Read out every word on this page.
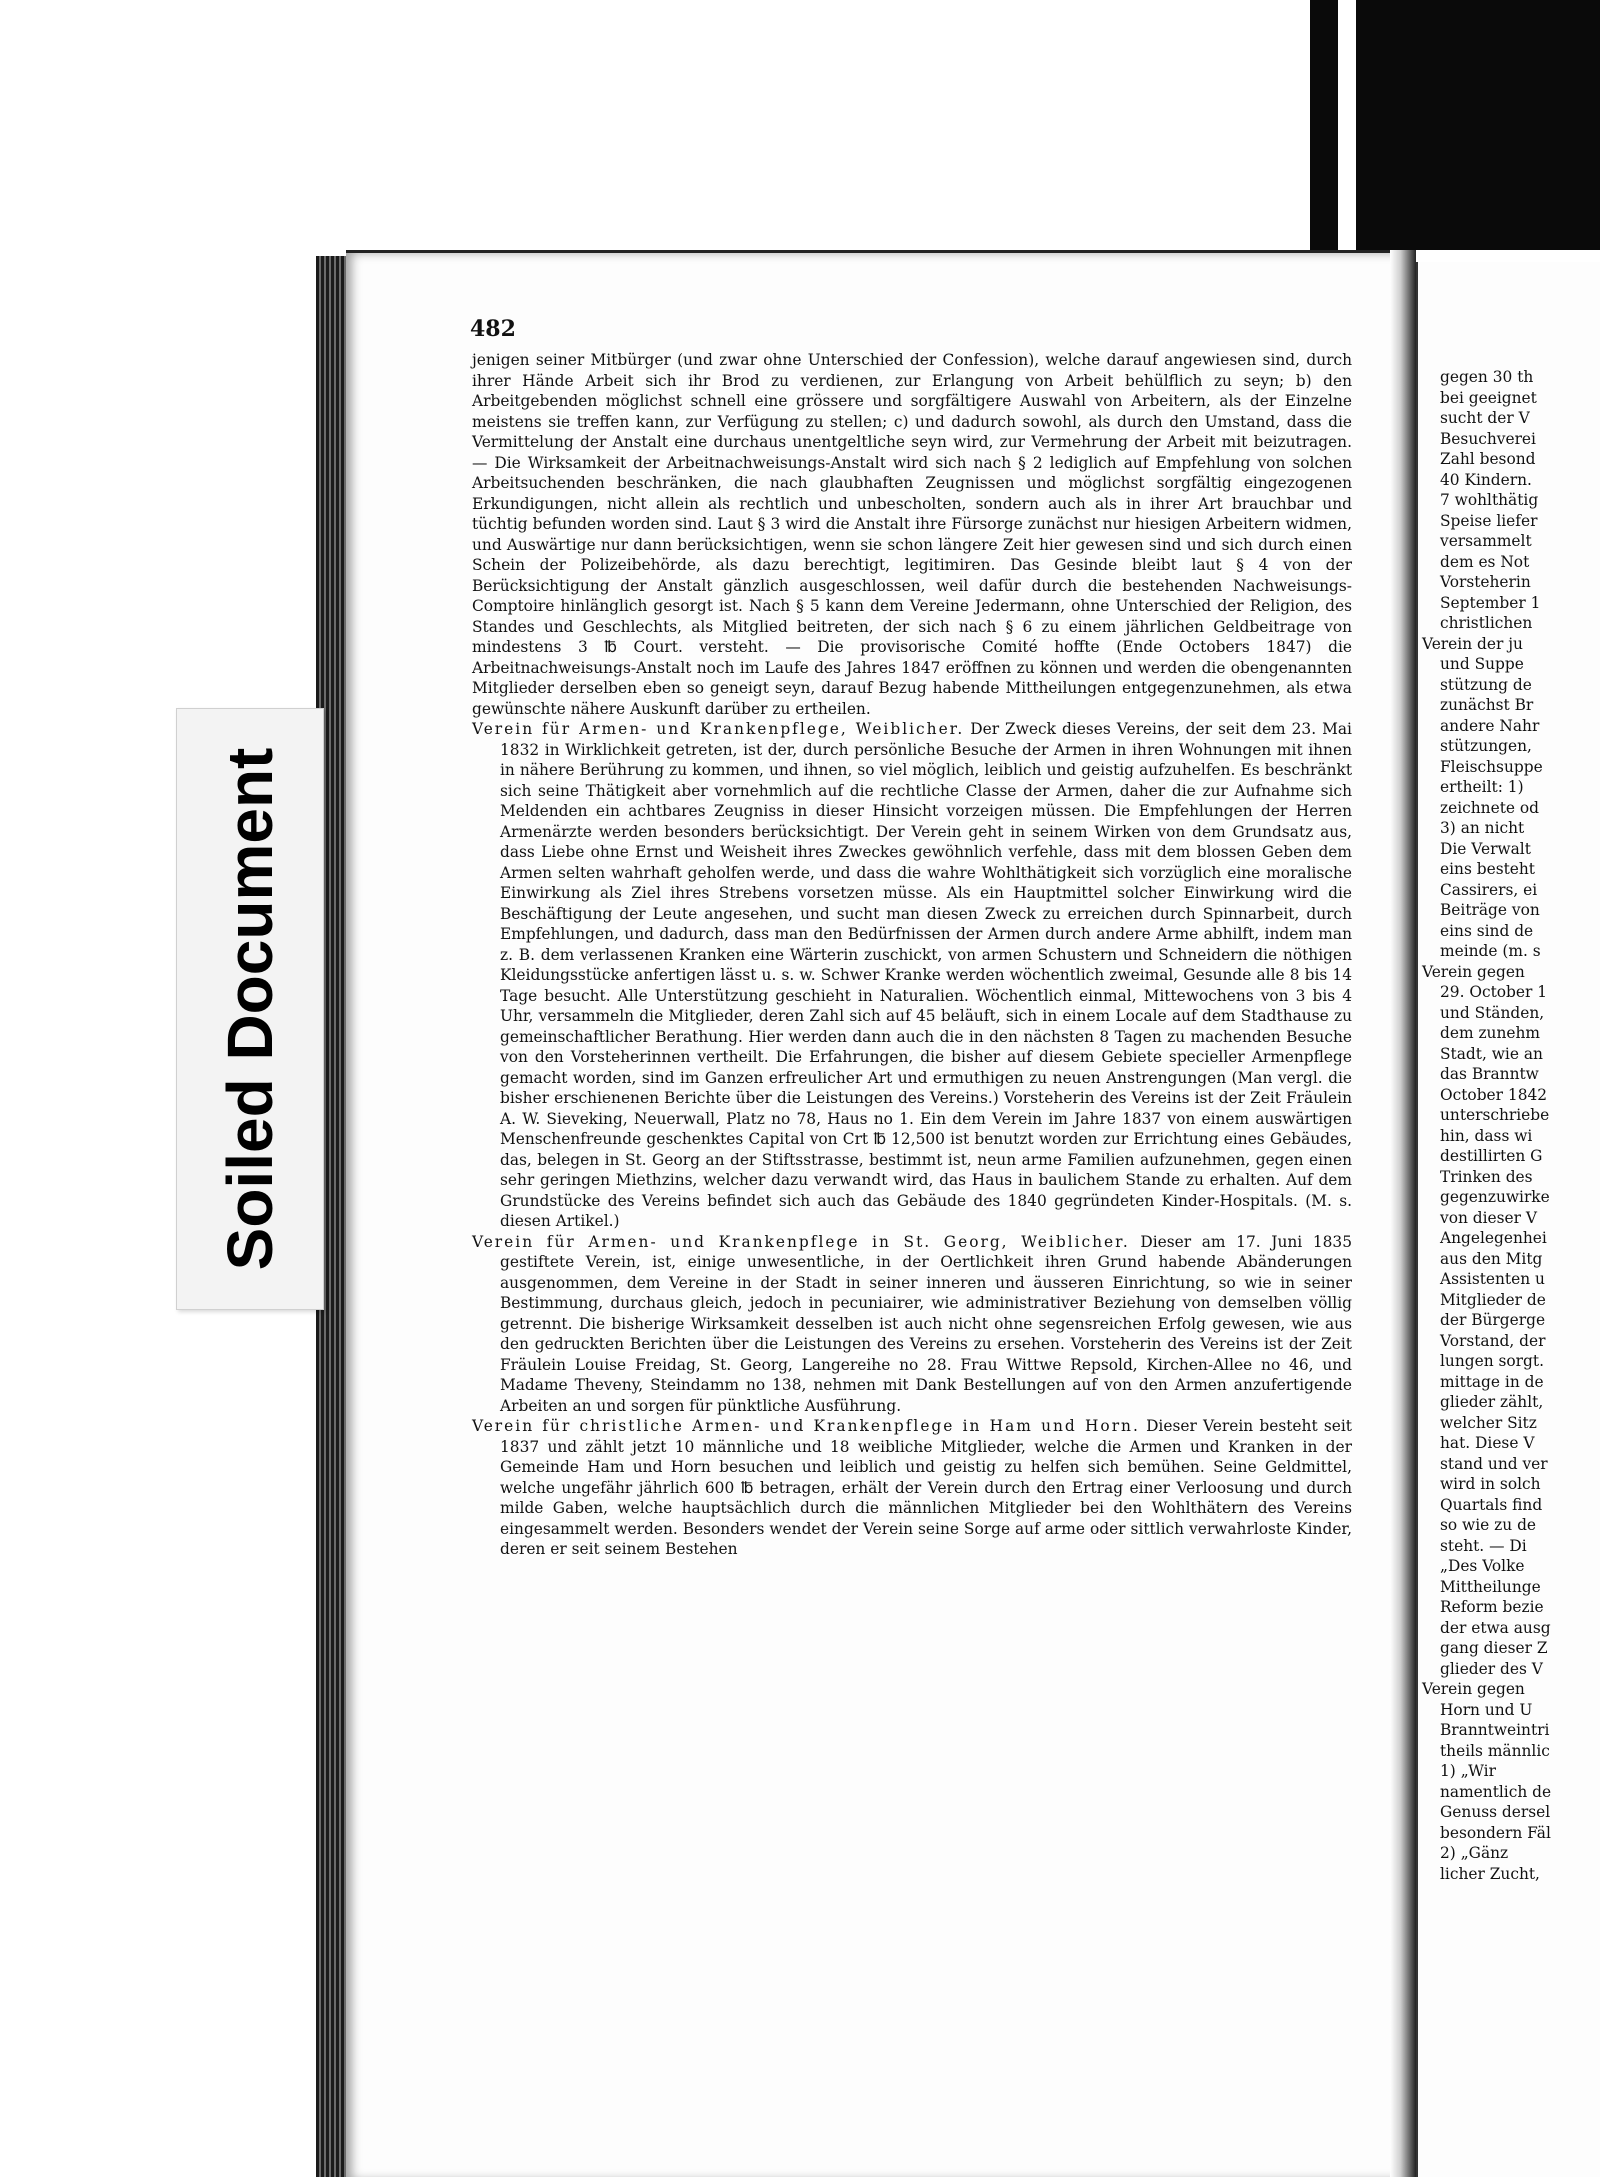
gegen 30 th
bei geeignet
sucht der V
Besuchverei
Zahl besond
40 Kindern.
7 wohlthätig
Speise liefer
versammelt
dem es Not
Vorsteherin
September 1
christlichen
Verein der ju
und Suppe
stützung de
zunächst Br
andere Nahr
stützungen,
Fleischsuppe
ertheilt: 1)
zeichnete od
3) an nicht
Die Verwalt
eins besteht
Cassirers, ei
Beiträge von
eins sind de
meinde (m. s
Verein gegen
29. October 1
und Ständen,
dem zunehm
Stadt, wie an
das Branntw
October 1842
unterschriebe
hin, dass wi
destillirten G
Trinken des
gegenzuwirke
von dieser V
Angelegenhei
aus den Mitg
Assistenten u
Mitglieder de
der Bürgerge
Vorstand, der
lungen sorgt.
mittage in de
glieder zählt,
welcher Sitz
hat. Diese V
stand und ver
wird in solch
Quartals find
so wie zu de
steht. — Di
„Des Volke
Mittheilunge
Reform bezie
der etwa ausg
gang dieser Z
glieder des V
Verein gegen
Horn und U
Branntweintri
theils männlic
1) „Wir
namentlich de
Genuss dersel
besondern Fäl
2) „Gänz
licher Zucht,
Soiled Document
482

jenigen seiner Mitbürger (und zwar ohne Unterschied der Confession), welche darauf angewiesen sind, durch ihrer Hände Arbeit sich ihr Brod zu verdienen, zur Erlangung von Arbeit behülflich zu seyn; b) den Arbeitgebenden möglichst schnell eine grössere und sorgfältigere Auswahl von Arbeitern, als der Einzelne meistens sie treffen kann, zur Verfügung zu stellen; c) und dadurch sowohl, als durch den Umstand, dass die Vermittelung der Anstalt eine durchaus unentgeltliche seyn wird, zur Vermehrung der Arbeit mit beizutragen. — Die Wirksamkeit der Arbeitnachweisungs-Anstalt wird sich nach § 2 lediglich auf Empfehlung von solchen Arbeitsuchenden beschränken, die nach glaubhaften Zeugnissen und möglichst sorgfältig eingezogenen Erkundigungen, nicht allein als rechtlich und unbescholten, sondern auch als in ihrer Art brauchbar und tüchtig befunden worden sind. Laut § 3 wird die Anstalt ihre Fürsorge zunächst nur hiesigen Arbeitern widmen, und Auswärtige nur dann berücksichtigen, wenn sie schon längere Zeit hier gewesen sind und sich durch einen Schein der Polizeibehörde, als dazu berechtigt, legitimiren. Das Gesinde bleibt laut § 4 von der Berücksichtigung der Anstalt gänzlich ausgeschlossen, weil dafür durch die bestehenden Nachweisungs-Comptoire hinlänglich gesorgt ist. Nach § 5 kann dem Vereine Jedermann, ohne Unterschied der Religion, des Standes und Geschlechts, als Mitglied beitreten, der sich nach § 6 zu einem jährlichen Geldbeitrage von mindestens 3 ℔ Court. versteht. — Die provisorische Comité hoffte (Ende Octobers 1847) die Arbeitnachweisungs-Anstalt noch im Laufe des Jahres 1847 eröffnen zu können und werden die obengenannten Mitglieder derselben eben so geneigt seyn, darauf Bezug habende Mittheilungen entgegenzunehmen, als etwa gewünschte nähere Auskunft darüber zu ertheilen.

Verein für Armen- und Krankenpflege, Weiblicher. Der Zweck dieses Vereins, der seit dem 23. Mai 1832 in Wirklichkeit getreten, ist der, durch persönliche Besuche der Armen in ihren Wohnungen mit ihnen in nähere Berührung zu kommen, und ihnen, so viel möglich, leiblich und geistig aufzuhelfen. Es beschränkt sich seine Thätigkeit aber vornehmlich auf die rechtliche Classe der Armen, daher die zur Aufnahme sich Meldenden ein achtbares Zeugniss in dieser Hinsicht vorzeigen müssen. Die Empfehlungen der Herren Armenärzte werden besonders berücksichtigt. Der Verein geht in seinem Wirken von dem Grundsatz aus, dass Liebe ohne Ernst und Weisheit ihres Zweckes gewöhnlich verfehle, dass mit dem blossen Geben dem Armen selten wahrhaft geholfen werde, und dass die wahre Wohlthätigkeit sich vorzüglich eine moralische Einwirkung als Ziel ihres Strebens vorsetzen müsse. Als ein Hauptmittel solcher Einwirkung wird die Beschäftigung der Leute angesehen, und sucht man diesen Zweck zu erreichen durch Spinnarbeit, durch Empfehlungen, und dadurch, dass man den Bedürfnissen der Armen durch andere Arme abhilft, indem man z. B. dem verlassenen Kranken eine Wärterin zuschickt, von armen Schustern und Schneidern die nöthigen Kleidungsstücke anfertigen lässt u. s. w. Schwer Kranke werden wöchentlich zweimal, Gesunde alle 8 bis 14 Tage besucht. Alle Unterstützung geschieht in Naturalien. Wöchentlich einmal, Mittewochens von 3 bis 4 Uhr, versammeln die Mitglieder, deren Zahl sich auf 45 beläuft, sich in einem Locale auf dem Stadthause zu gemeinschaftlicher Berathung. Hier werden dann auch die in den nächsten 8 Tagen zu machenden Besuche von den Vorsteherinnen vertheilt. Die Erfahrungen, die bisher auf diesem Gebiete specieller Armenpflege gemacht worden, sind im Ganzen erfreulicher Art und ermuthigen zu neuen Anstrengungen (Man vergl. die bisher erschienenen Berichte über die Leistungen des Vereins.) Vorsteherin des Vereins ist der Zeit Fräulein A. W. Sieveking, Neuerwall, Platz no 78, Haus no 1. Ein dem Verein im Jahre 1837 von einem auswärtigen Menschenfreunde geschenktes Capital von Crt ℔ 12,500 ist benutzt worden zur Errichtung eines Gebäudes, das, belegen in St. Georg an der Stiftsstrasse, bestimmt ist, neun arme Familien aufzunehmen, gegen einen sehr geringen Miethzins, welcher dazu verwandt wird, das Haus in baulichem Stande zu erhalten. Auf dem Grundstücke des Vereins befindet sich auch das Gebäude des 1840 gegründeten Kinder-Hospitals. (M. s. diesen Artikel.)

Verein für Armen- und Krankenpflege in St. Georg, Weiblicher. Dieser am 17. Juni 1835 gestiftete Verein, ist, einige unwesentliche, in der Oertlichkeit ihren Grund habende Abänderungen ausgenommen, dem Vereine in der Stadt in seiner inneren und äusseren Einrichtung, so wie in seiner Bestimmung, durchaus gleich, jedoch in pecuniairer, wie administrativer Beziehung von demselben völlig getrennt. Die bisherige Wirksamkeit desselben ist auch nicht ohne segensreichen Erfolg gewesen, wie aus den gedruckten Berichten über die Leistungen des Vereins zu ersehen. Vorsteherin des Vereins ist der Zeit Fräulein Louise Freidag, St. Georg, Langereihe no 28. Frau Wittwe Repsold, Kirchen-Allee no 46, und Madame Theveny, Steindamm no 138, nehmen mit Dank Bestellungen auf von den Armen anzufertigende Arbeiten an und sorgen für pünktliche Ausführung.

Verein für christliche Armen- und Krankenpflege in Ham und Horn. Dieser Verein besteht seit 1837 und zählt jetzt 10 männliche und 18 weibliche Mitglieder, welche die Armen und Kranken in der Gemeinde Ham und Horn besuchen und leiblich und geistig zu helfen sich bemühen. Seine Geldmittel, welche ungefähr jährlich 600 ℔ betragen, erhält der Verein durch den Ertrag einer Verloosung und durch milde Gaben, welche hauptsächlich durch die männlichen Mitglieder bei den Wohlthätern des Vereins eingesammelt werden. Besonders wendet der Verein seine Sorge auf arme oder sittlich verwahrloste Kinder, deren er seit seinem Bestehen
